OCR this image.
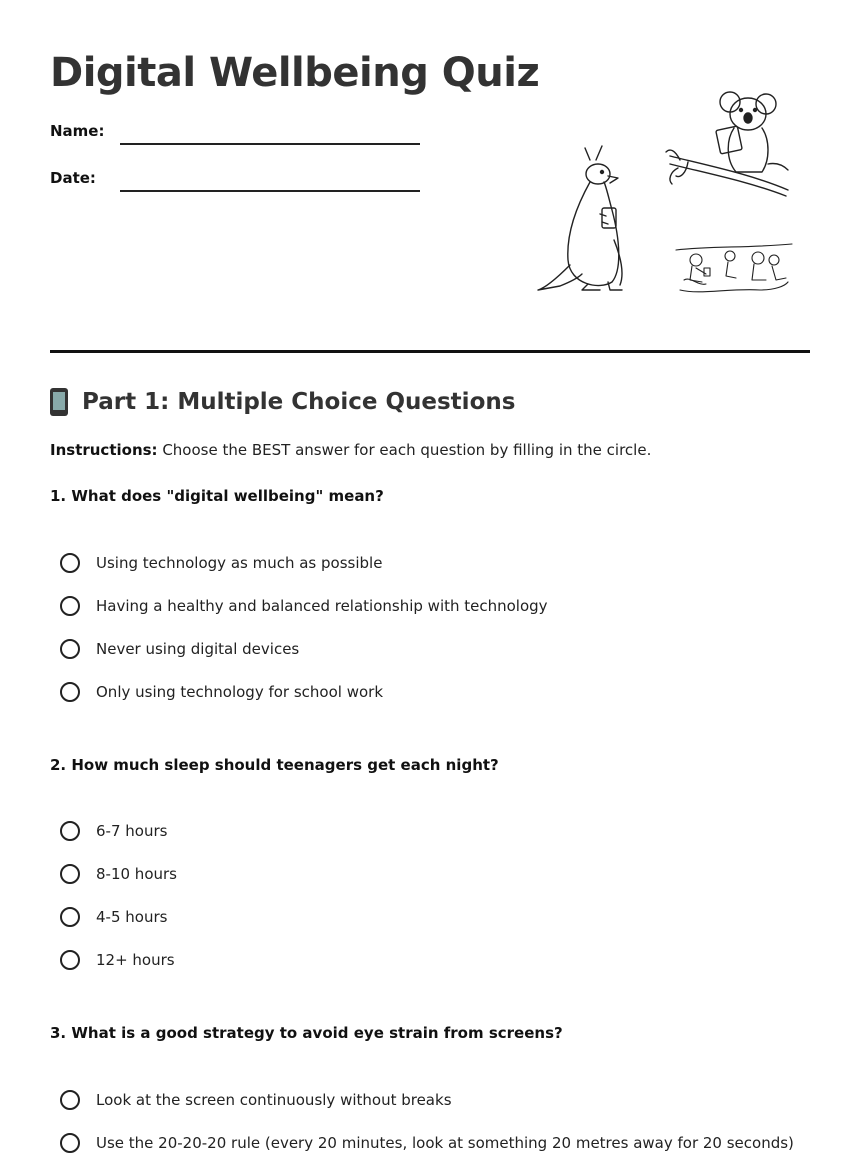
Digital Wellbeing Quiz
Name:
Date:
Part 1: Multiple Choice Questions
Instructions: Choose the BEST answer for each question by filling in the circle.
1. What does "digital wellbeing" mean?
Using technology as much as possible
Having a healthy and balanced relationship with technology
Never using digital devices
Only using technology for school work
2. How much sleep should teenagers get each night?
6-7 hours
8-10 hours
4-5 hours
12+ hours
3. What is a good strategy to avoid eye strain from screens?
Look at the screen continuously without breaks
Use the 20-20-20 rule (every 20 minutes, look at something 20 metres away for 20 seconds)
